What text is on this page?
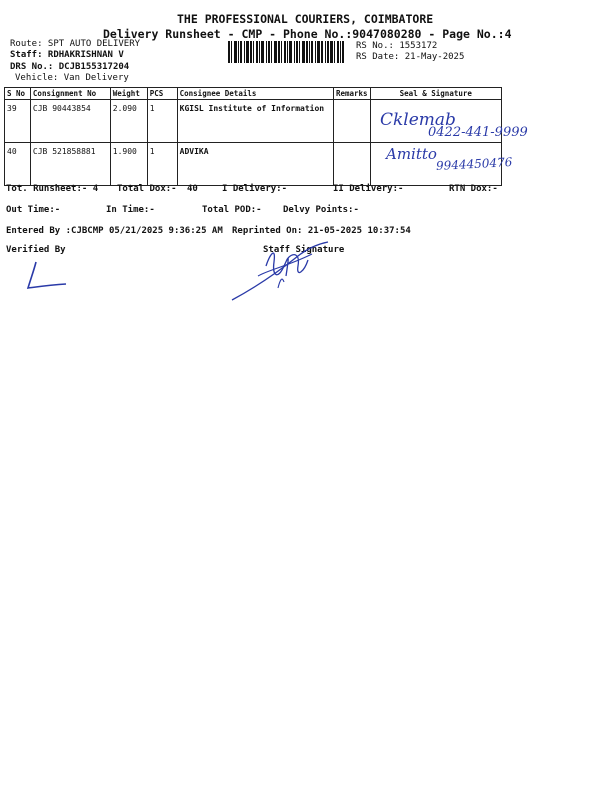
THE PROFESSIONAL COURIERS, COIMBATORE
Delivery Runsheet - CMP - Phone No.:9047080280 - Page No.:4
Route: SPT AUTO DELIVERY
Staff: RDHAKRISHNAN V
DRS No.: DCJB155317204
Vehicle: Van Delivery
RS No.: 1553172
RS Date: 21-May-2025
S No	Consignment No	Weight	PCS	Consignee Details	Remarks	Seal & Signature
39	CJB 90443854	2.090	1	KGISL Institute of Information		
40	CJB 521858881	1.900	1	ADVIKA		
Cklemab
0422-441-9999
Amitto
9944450476
Tot. Runsheet:- 4 Total Dox:- 40	I Delivery:-	II Delivery:-	RTN Dox:-
Out Time:-	In Time:-	Total POD:- Delvy Points:-
Entered By :CJBCMP 05/21/2025 9:36:25 AM Reprinted On: 21-05-2025 10:37:54
Verified By	Staff Signature
